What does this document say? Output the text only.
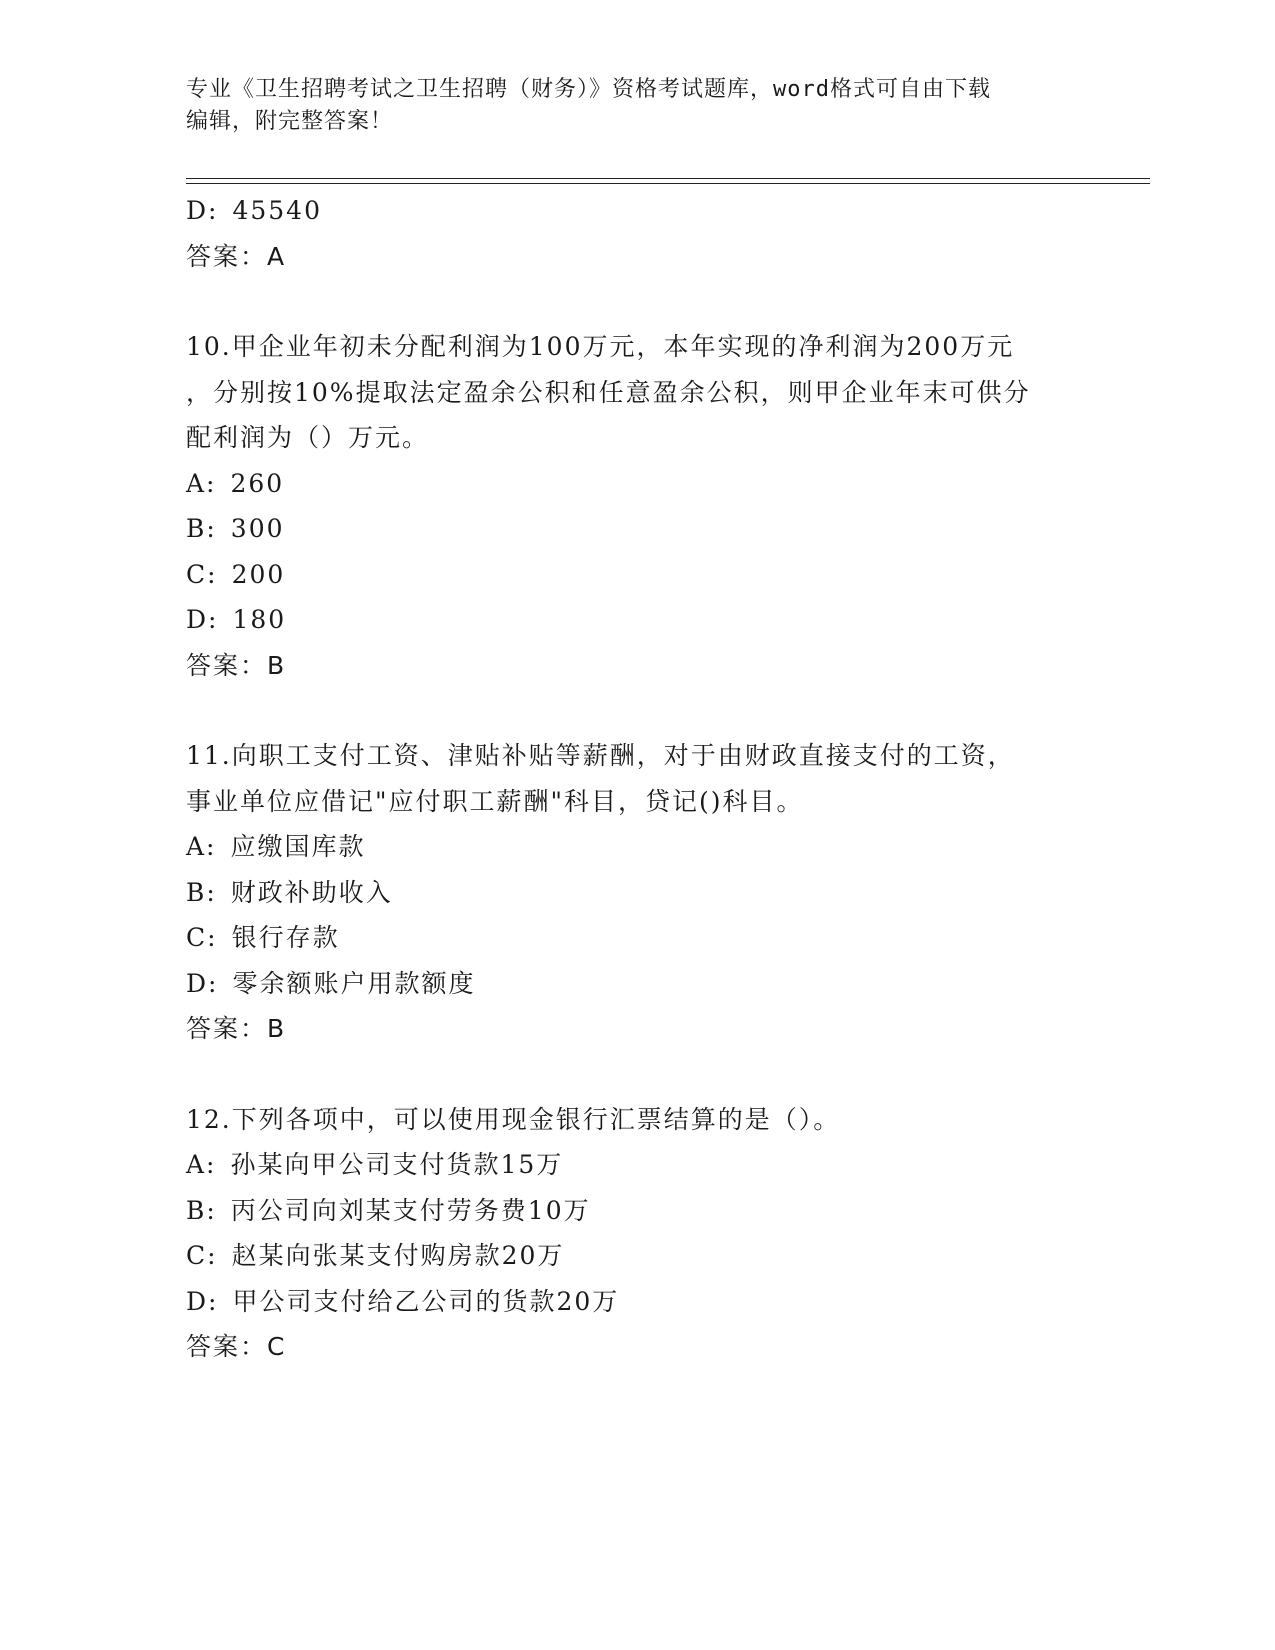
专业《卫生招聘考试之卫生招聘（财务）》资格考试题库，word格式可自由下载
编辑，附完整答案！
D: 45540
答案：A
10.甲企业年初未分配利润为100万元，本年实现的净利润为200万元
，分别按10%提取法定盈余公积和任意盈余公积，则甲企业年末可供分
配利润为（）万元。
A: 260
B: 300
C: 200
D: 180
答案：B
11.向职工支付工资、津贴补贴等薪酬，对于由财政直接支付的工资，
事业单位应借记"应付职工薪酬"科目，贷记()科目。
A: 应缴国库款
B: 财政补助收入
C: 银行存款
D: 零余额账户用款额度
答案：B
12.下列各项中，可以使用现金银行汇票结算的是（）。
A: 孙某向甲公司支付货款15万
B: 丙公司向刘某支付劳务费10万
C: 赵某向张某支付购房款20万
D: 甲公司支付给乙公司的货款20万
答案：C
